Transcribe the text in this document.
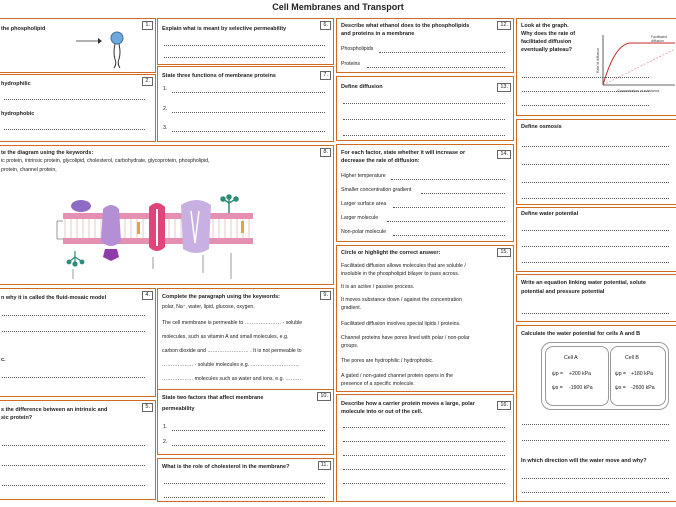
Cell Membranes and Transport
1.
the phospholipid
2.
hydrophilic
hydrophobic
8.
te the diagram using the keywords:
ic protein, intrinsic protein, glycolipid, cholesterol, carbohydrate, glycoprotein, phospholipid,
protein, channel protein,
4.
n why it is called the fluid-mosaic model
c.
5.
s the difference between an intrinsic and
sic protein?
6.
Explain what is meant by selective permeability
7.
State three functions of membrane proteins
1.
2.
3.
9.
Complete the paragraph using the keywords:
polar, Na⁺, water, lipid, glucose, oxygen,
The cell membrane is permeable to ………………… - soluble
molecules, such as vitamin A and small molecules, e.g.
carbon dioxide and …………………… . It is not permeable to
……………… - soluble molecules e.g. ………………………,
……………… molecules such as water and ions, e.g. ………
10.
State two factors that affect membrane
permeability
1.
2.
11.
What is the role of cholesterol in the membrane?
12.
Describe what ethanol does to the phospholipids
and proteins in a membrane
Phospholipids
Proteins
13.
Define diffusion
14.
For each factor, state whether it will increase or
decrease the rate of diffusion:
Higher temperature
Smaller concentration gradient
Larger surface area
Larger molecule
Non-polar molecule
15.
Circle or highlight the correct answer:
Facilitated diffusion allows molecules that are soluble /
insoluble in the phospholipid bilayer to pass across.
It is an active / passive process.
It moves substance down / against the concentration
gradient.
Facilitated diffusion involves special lipids / proteins.
Channel proteins have pores lined with polar / non-polar
groups.
The pores are hydrophilic / hydrophobic.
A gated / non-gated channel protein opens in the
presence of a specific molecule.
16.
Describe how a carrier protein moves a large, polar
molecule into or out of the cell.
Look at the graph.
Why does the rate of
facilitated diffusion
eventually plateau?
Facilitated
diffusion
Concentration of substance
Rate of diffusion
Define osmosis
Define water potential
Write an equation linking water potential, solute
potential and pressure potential
Calculate the water potential for cells A and B
Cell A
ψp = +200 kPa
ψs = -1900 kPa
Cell B
ψp = +180 kPa
ψs = -2600 kPa
In which direction will the water move and why?
